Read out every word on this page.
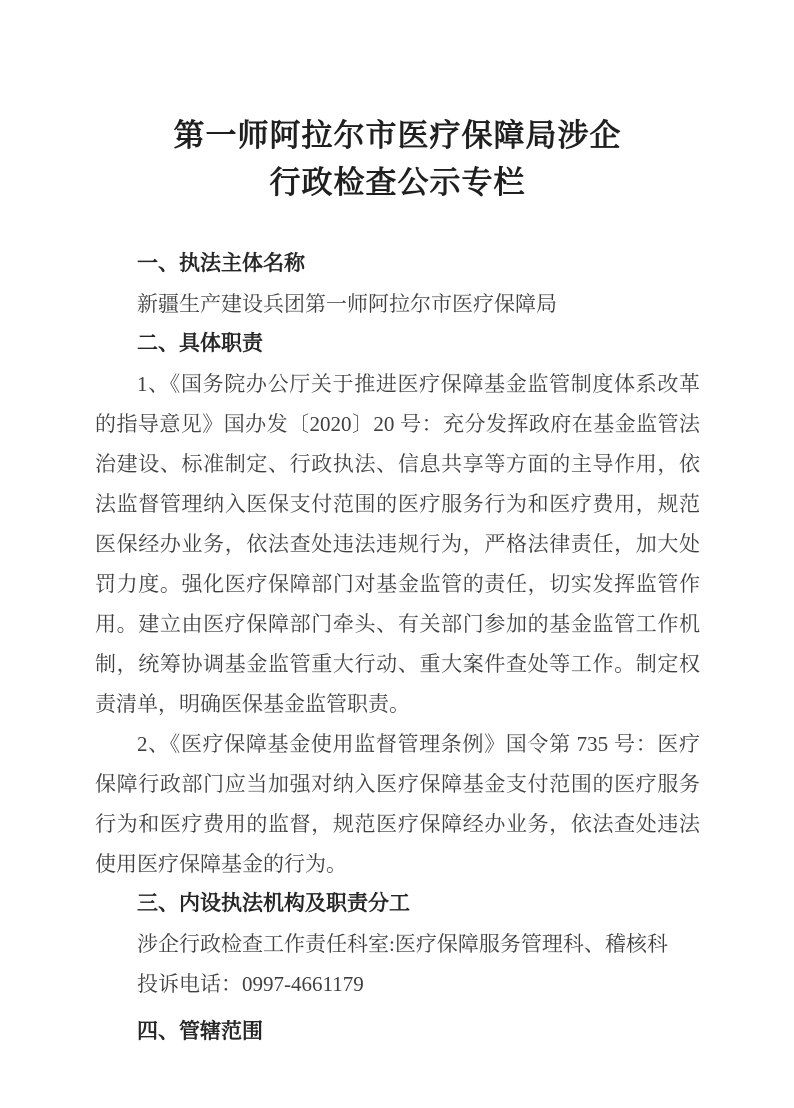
第一师阿拉尔市医疗保障局涉企
行政检查公示专栏
一、执法主体名称
新疆生产建设兵团第一师阿拉尔市医疗保障局
二、具体职责
1、《国务院办公厅关于推进医疗保障基金监管制度体系改革
的指导意见》国办发〔2020〕20 号：充分发挥政府在基金监管法
治建设、标准制定、行政执法、信息共享等方面的主导作用，依
法监督管理纳入医保支付范围的医疗服务行为和医疗费用，规范
医保经办业务，依法查处违法违规行为，严格法律责任，加大处
罚力度。强化医疗保障部门对基金监管的责任，切实发挥监管作
用。建立由医疗保障部门牵头、有关部门参加的基金监管工作机
制，统筹协调基金监管重大行动、重大案件查处等工作。制定权
责清单，明确医保基金监管职责。
2、《医疗保障基金使用监督管理条例》国令第 735 号：医疗
保障行政部门应当加强对纳入医疗保障基金支付范围的医疗服务
行为和医疗费用的监督，规范医疗保障经办业务，依法查处违法
使用医疗保障基金的行为。
三、内设执法机构及职责分工
涉企行政检查工作责任科室:医疗保障服务管理科、稽核科
投诉电话：0997-4661179
四、管辖范围
